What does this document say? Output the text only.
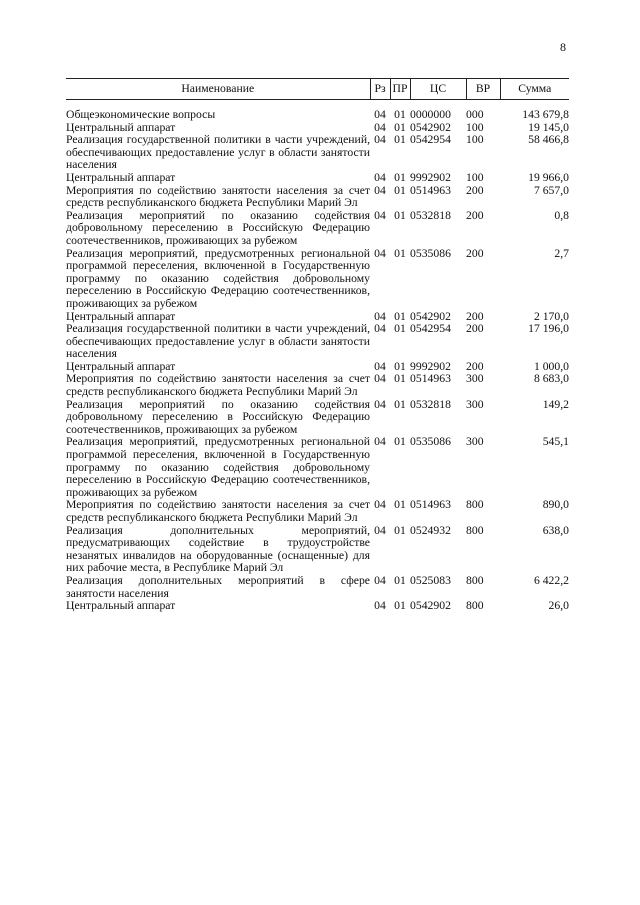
8
Наименование	Рз	ПР	ЦС	ВР	Сумма
Общеэкономические вопросы	04	01	0000000	000	143 679,8
Центральный аппарат	04	01	0542902	100	19 145,0
Реализация государственной политики в части учреждений, обеспечивающих предоставление услуг в области занятости населения	04	01	0542954	100	58 466,8
Центральный аппарат	04	01	9992902	100	19 966,0
Мероприятия по содействию занятости населения за счет средств республиканского бюджета Республики Марий Эл	04	01	0514963	200	7 657,0
Реализация мероприятий по оказанию содействия добровольному переселению в Российскую Федерацию соотечественников, проживающих за рубежом	04	01	0532818	200	0,8
Реализация мероприятий, предусмотренных региональной программой переселения, включенной в Государственную программу по оказанию содействия добровольному переселению в Российскую Федерацию соотечественников, проживающих за рубежом	04	01	0535086	200	2,7
Центральный аппарат	04	01	0542902	200	2 170,0
Реализация государственной политики в части учреждений, обеспечивающих предоставление услуг в области занятости населения	04	01	0542954	200	17 196,0
Центральный аппарат	04	01	9992902	200	1 000,0
Мероприятия по содействию занятости населения за счет средств республиканского бюджета Республики Марий Эл	04	01	0514963	300	8 683,0
Реализация мероприятий по оказанию содействия добровольному переселению в Российскую Федерацию соотечественников, проживающих за рубежом	04	01	0532818	300	149,2
Реализация мероприятий, предусмотренных региональной программой переселения, включенной в Государственную программу по оказанию содействия добровольному переселению в Российскую Федерацию соотечественников, проживающих за рубежом	04	01	0535086	300	545,1
Мероприятия по содействию занятости населения за счет средств республиканского бюджета Республики Марий Эл	04	01	0514963	800	890,0
Реализация дополнительных мероприятий, предусматривающих содействие в трудоустройстве незанятых инвалидов на оборудованные (оснащенные) для них рабочие места, в Республике Марий Эл	04	01	0524932	800	638,0
Реализация дополнительных мероприятий в сфере занятости населения	04	01	0525083	800	6 422,2
Центральный аппарат	04	01	0542902	800	26,0
